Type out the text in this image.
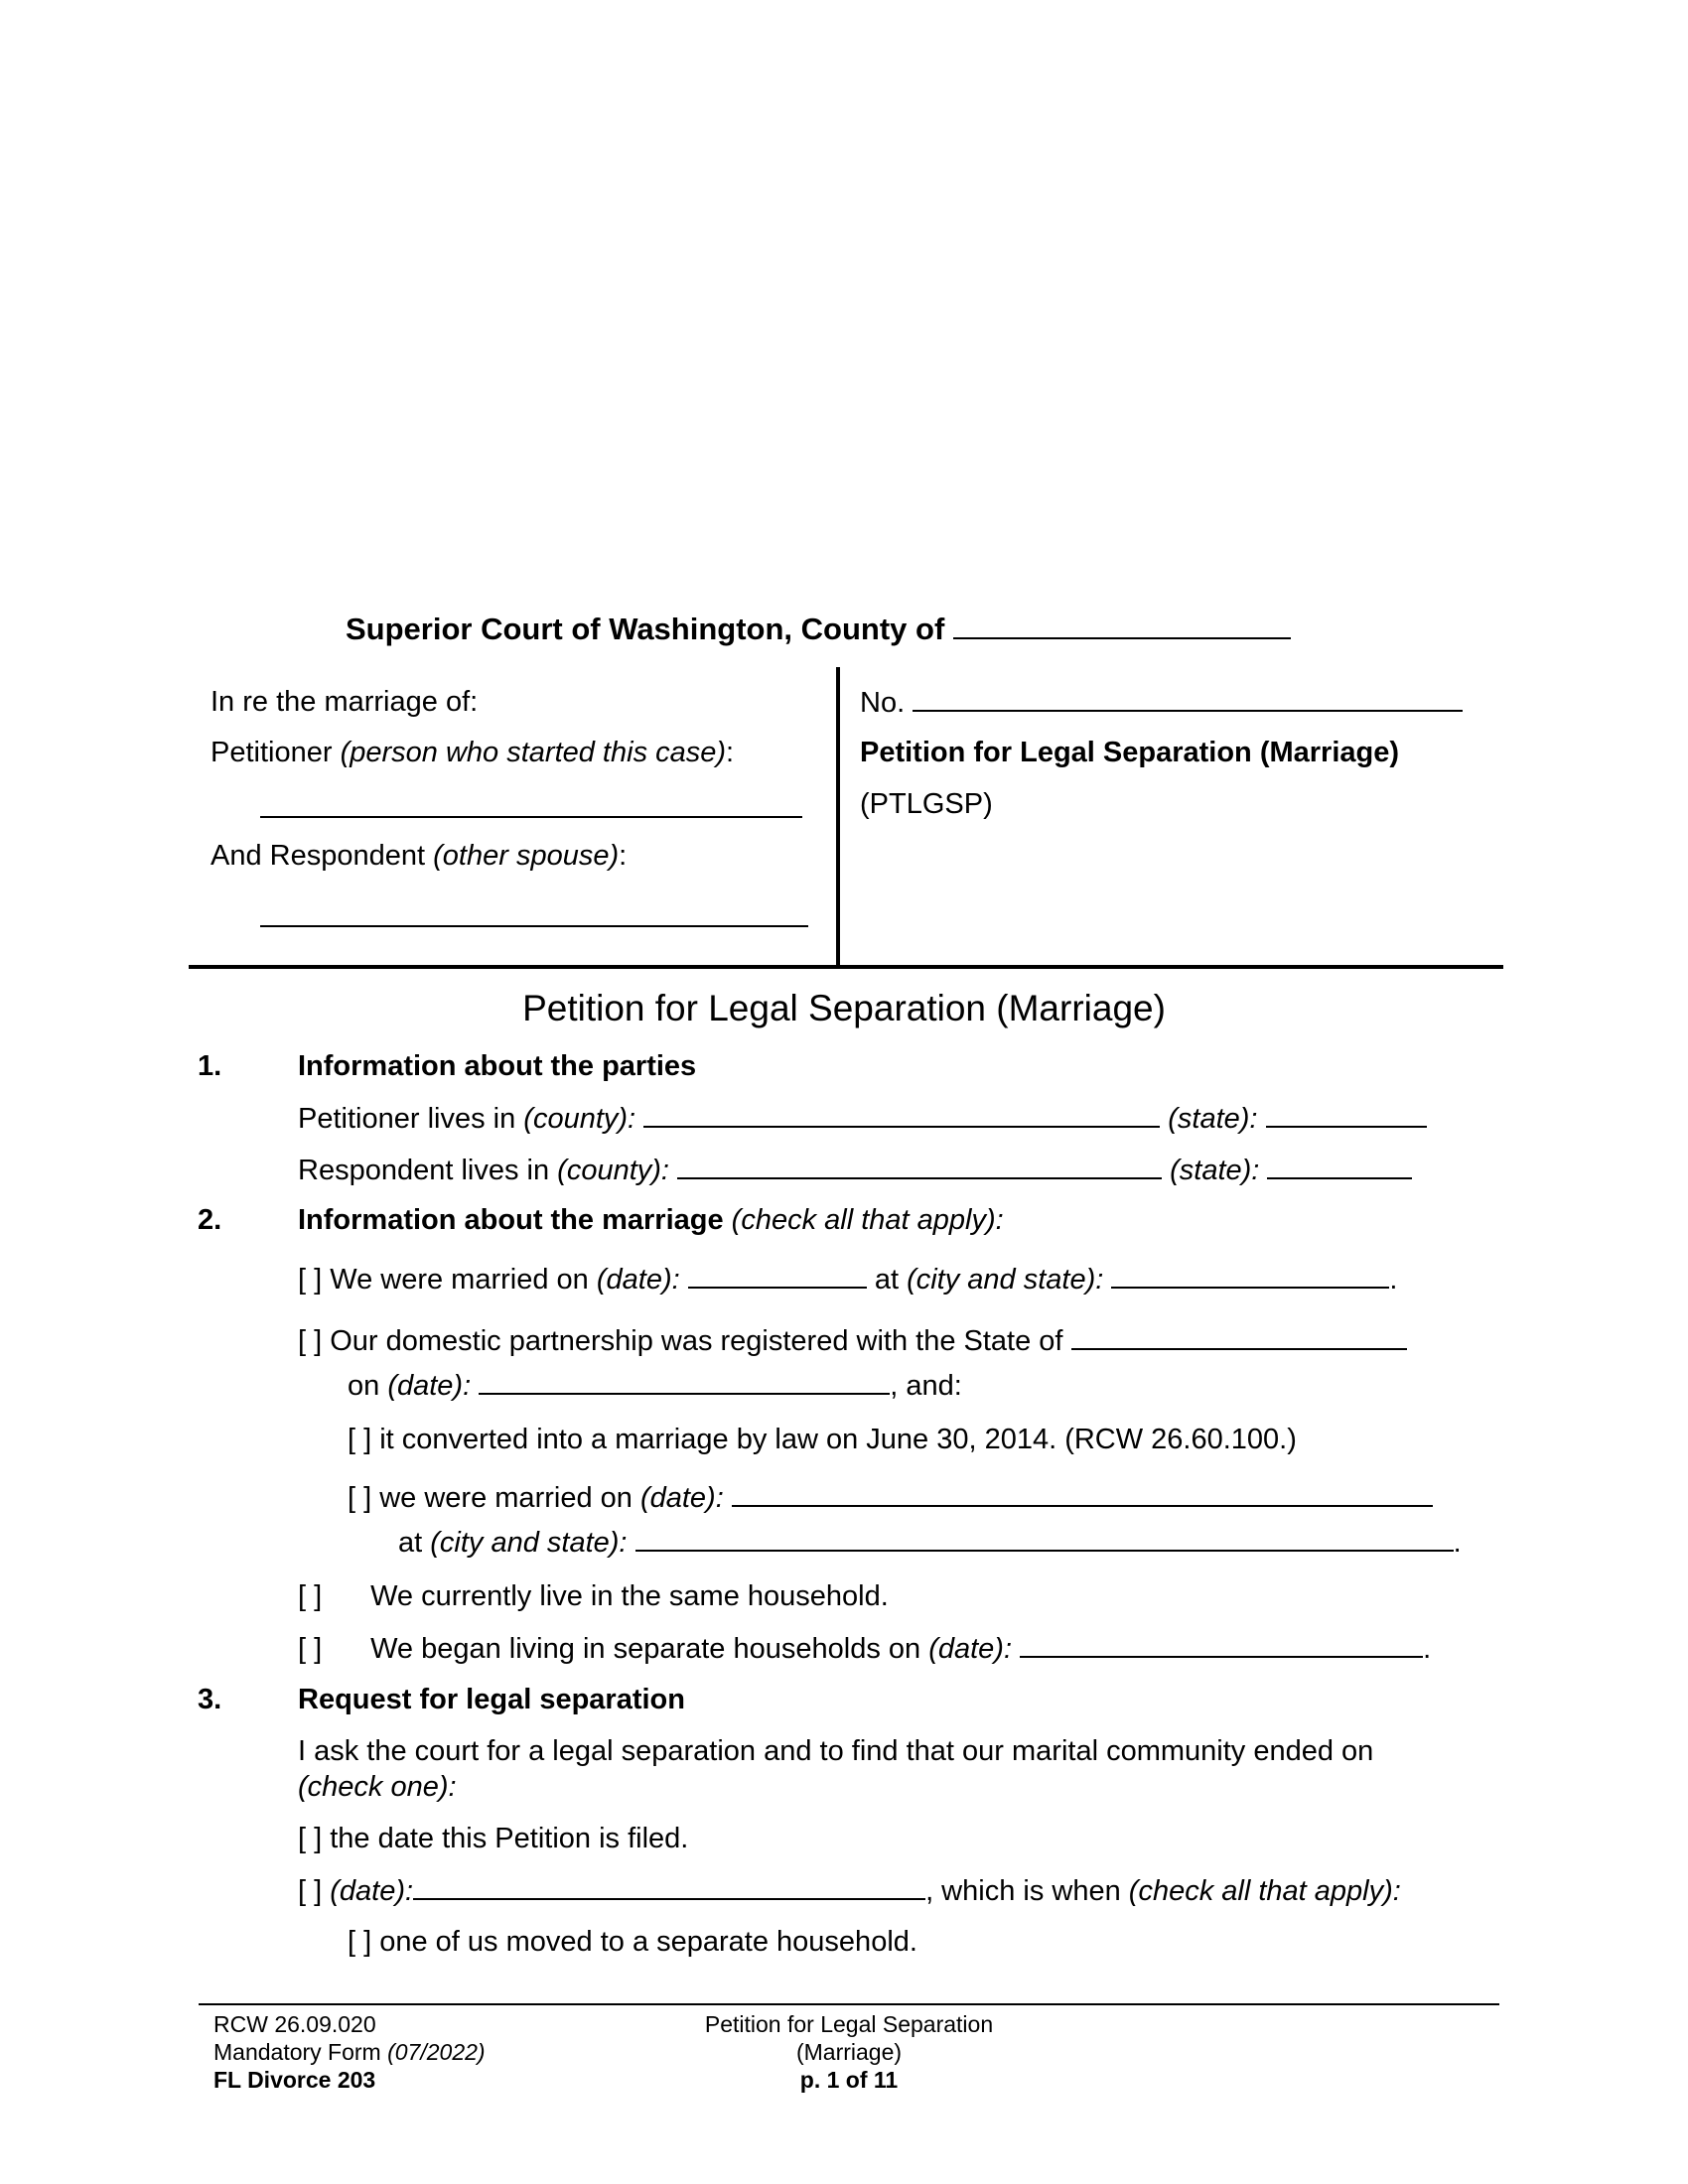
Superior Court of Washington, County of
In re the marriage of:
Petitioner (person who started this case):
And Respondent (other spouse):
No.
Petition for Legal Separation (Marriage)
(PTLGSP)
Petition for Legal Separation (Marriage)
1.	Information about the parties
Petitioner lives in (county):	(state):
Respondent lives in (county):	(state):
2.	Information about the marriage (check all that apply):
[ ] We were married on (date):	at (city and state):	.
[ ] Our domestic partnership was registered with the State of
on (date):	, and:
[ ] it converted into a marriage by law on June 30, 2014. (RCW 26.60.100.)
[ ] we were married on (date):
at (city and state):	.
[ ] We currently live in the same household.
[ ] We began living in separate households on (date):	.
3.	Request for legal separation
I ask the court for a legal separation and to find that our marital community ended on
(check one):
[ ] the date this Petition is filed.
[ ] (date):	, which is when (check all that apply):
[ ] one of us moved to a separate household.
RCW 26.09.020
Mandatory Form (07/2022)
FL Divorce 203
Petition for Legal Separation
(Marriage)
p. 1 of 11
